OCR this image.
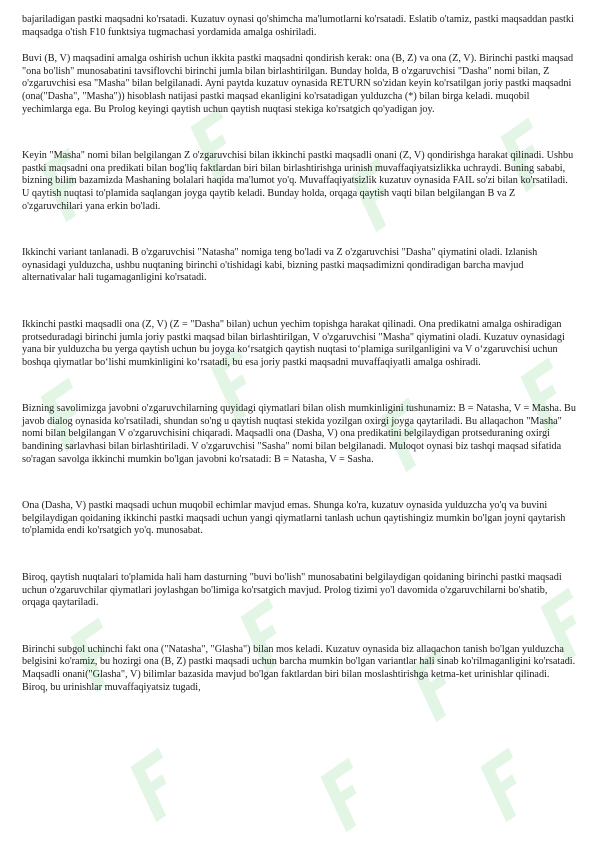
bajariladigan pastki maqsadni ko'rsatadi. Kuzatuv oynasi qo'shimcha ma'lumotlarni ko'rsatadi. Eslatib o'tamiz, pastki maqsaddan pastki maqsadga o'tish F10 funktsiya tugmachasi yordamida amalga oshiriladi.

Buvi (B, V) maqsadini amalga oshirish uchun ikkita pastki maqsadni qondirish kerak: ona (B, Z) va ona (Z, V). Birinchi pastki maqsad "ona bo'lish" munosabatini tavsiflovchi birinchi jumla bilan birlashtirilgan. Bunday holda, B o'zgaruvchisi "Dasha" nomi bilan, Z o'zgaruvchisi esa "Masha" bilan belgilanadi. Ayni paytda kuzatuv oynasida RETURN so'zidan keyin ko'rsatilgan joriy pastki maqsadni (ona("Dasha", "Masha")) hisoblash natijasi pastki maqsad ekanligini ko'rsatadigan yulduzcha (*) bilan birga keladi. muqobil yechimlarga ega. Bu Prolog keyingi qaytish uchun qaytish nuqtasi stekiga ko'rsatgich qo'yadigan joy.

Keyin "Masha" nomi bilan belgilangan Z o'zgaruvchisi bilan ikkinchi pastki maqsadli onani (Z, V) qondirishga harakat qilinadi. Ushbu pastki maqsadni ona predikati bilan bog'liq faktlardan biri bilan birlashtirishga urinish muvaffaqiyatsizlikka uchraydi. Buning sababi, bizning bilim bazamizda Mashaning bolalari haqida ma'lumot yo'q. Muvaffaqiyatsizlik kuzatuv oynasida FAIL so'zi bilan ko'rsatiladi. U qaytish nuqtasi to'plamida saqlangan joyga qaytib keladi. Bunday holda, orqaga qaytish vaqti bilan belgilangan B va Z o'zgaruvchilari yana erkin bo'ladi.

Ikkinchi variant tanlanadi. B o'zgaruvchisi "Natasha" nomiga teng bo'ladi va Z o'zgaruvchisi "Dasha" qiymatini oladi. Izlanish oynasidagi yulduzcha, ushbu nuqtaning birinchi o'tishidagi kabi, bizning pastki maqsadimizni qondiradigan barcha mavjud alternativalar hali tugamaganligini ko'rsatadi.

Ikkinchi pastki maqsadli ona (Z, V) (Z = "Dasha" bilan) uchun yechim topishga harakat qilinadi. Ona predikatni amalga oshiradigan protseduradagi birinchi jumla joriy pastki maqsad bilan birlashtirilgan, V o'zgaruvchisi "Masha" qiymatini oladi. Kuzatuv oynasidagi yana bir yulduzcha bu yerga qaytish uchun bu joyga ko‘rsatgich qaytish nuqtasi to‘plamiga surilganligini va V o‘zgaruvchisi uchun boshqa qiymatlar bo‘lishi mumkinligini ko‘rsatadi, bu esa joriy pastki maqsadni muvaffaqiyatli amalga oshiradi.

Bizning savolimizga javobni o'zgaruvchilarning quyidagi qiymatlari bilan olish mumkinligini tushunamiz: B = Natasha, V = Masha. Bu javob dialog oynasida ko'rsatiladi, shundan so'ng u qaytish nuqtasi stekida yozilgan oxirgi joyga qaytariladi. Bu allaqachon "Masha" nomi bilan belgilangan V o'zgaruvchisini chiqaradi. Maqsadli ona (Dasha, V) ona predikatini belgilaydigan protseduraning oxirgi bandining sarlavhasi bilan birlashtiriladi. V o'zgaruvchisi "Sasha" nomi bilan belgilanadi. Muloqot oynasi biz tashqi maqsad sifatida so'ragan savolga ikkinchi mumkin bo'lgan javobni ko'rsatadi: B = Natasha, V = Sasha.

Ona (Dasha, V) pastki maqsadi uchun muqobil echimlar mavjud emas. Shunga ko'ra, kuzatuv oynasida yulduzcha yo'q va buvini belgilaydigan qoidaning ikkinchi pastki maqsadi uchun yangi qiymatlarni tanlash uchun qaytishingiz mumkin bo'lgan joyni qaytarish to'plamida endi ko'rsatgich yo'q. munosabat.

Biroq, qaytish nuqtalari to'plamida hali ham dasturning "buvi bo'lish" munosabatini belgilaydigan qoidaning birinchi pastki maqsadi uchun o'zgaruvchilar qiymatlari joylashgan bo'limiga ko'rsatgich mavjud. Prolog tizimi yo'l davomida o'zgaruvchilarni bo'shatib, orqaga qaytariladi.

Birinchi subgol uchinchi fakt ona ("Natasha", "Glasha") bilan mos keladi. Kuzatuv oynasida biz allaqachon tanish bo'lgan yulduzcha belgisini ko'ramiz, bu hozirgi ona (B, Z) pastki maqsadi uchun barcha mumkin bo'lgan variantlar hali sinab ko'rilmaganligini ko'rsatadi. Maqsadli onani("Glasha", V) bilimlar bazasida mavjud bo'lgan faktlardan biri bilan moslashtirishga ketma-ket urinishlar qilinadi. Biroq, bu urinishlar muvaffaqiyatsiz tugadi,
